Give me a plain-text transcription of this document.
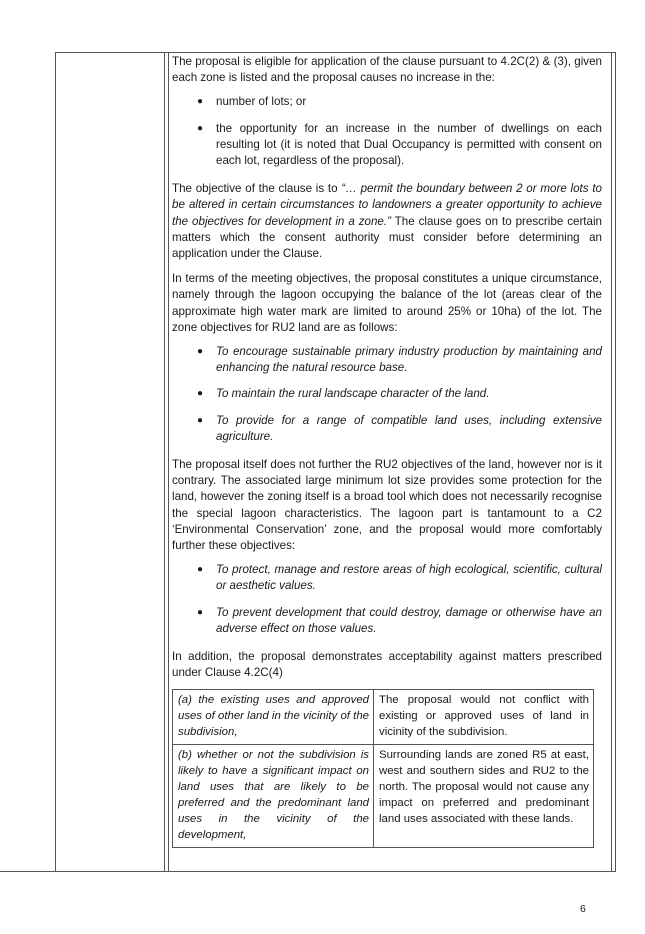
The proposal is eligible for application of the clause pursuant to 4.2C(2) & (3), given each zone is listed and the proposal causes no increase in the:

● number of lots; or
● the opportunity for an increase in the number of dwellings on each resulting lot (it is noted that Dual Occupancy is permitted with consent on each lot, regardless of the proposal).

The objective of the clause is to “… permit the boundary between 2 or more lots to be altered in certain circumstances to landowners a greater opportunity to achieve the objectives for development in a zone.” The clause goes on to prescribe certain matters which the consent authority must consider before determining an application under the Clause.

In terms of the meeting objectives, the proposal constitutes a unique circumstance, namely through the lagoon occupying the balance of the lot (areas clear of the approximate high water mark are limited to around 25% or 10ha) of the lot. The zone objectives for RU2 land are as follows:

● To encourage sustainable primary industry production by maintaining and enhancing the natural resource base.
● To maintain the rural landscape character of the land.
● To provide for a range of compatible land uses, including extensive agriculture.

The proposal itself does not further the RU2 objectives of the land, however nor is it contrary. The associated large minimum lot size provides some protection for the land, however the zoning itself is a broad tool which does not necessarily recognise the special lagoon characteristics. The lagoon part is tantamount to a C2 ‘Environmental Conservation’ zone, and the proposal would more comfortably further these objectives:

● To protect, manage and restore areas of high ecological, scientific, cultural or aesthetic values.
● To prevent development that could destroy, damage or otherwise have an adverse effect on those values.

In addition, the proposal demonstrates acceptability against matters prescribed under Clause 4.2C(4)

(a) the existing uses and approved uses of other land in the vicinity of the subdivision,	The proposal would not conflict with existing or approved uses of land in vicinity of the subdivision.
(b) whether or not the subdivision is likely to have a significant impact on land uses that are likely to be preferred and the predominant land uses in the vicinity of the development,	Surrounding lands are zoned R5 at east, west and southern sides and RU2 to the north. The proposal would not cause any impact on preferred and predominant land uses associated with these lands.
6
